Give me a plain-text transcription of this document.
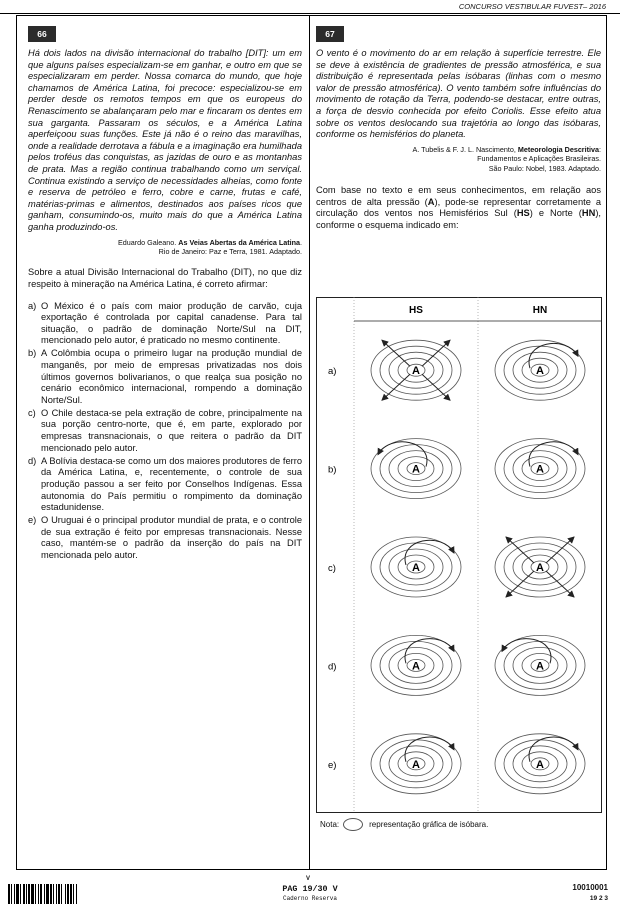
CONCURSO VESTIBULAR FUVEST– 2016
66	67

Há dois lados na divisão internacional do trabalho [DIT]: um em que alguns países especializam-se em ganhar, e outro em que se especializaram em perder. Nossa comarca do mundo, que hoje chamamos de América Latina, foi precoce: especializou-se em perder desde os remotos tempos em que os europeus do Renascimento se abalançaram pelo mar e fincaram os dentes em sua garganta. Passaram os séculos, e a América Latina aperfeiçoou suas funções. Este já não é o reino das maravilhas, onde a realidade derrotava a fábula e a imaginação era humilhada pelos troféus das conquistas, as jazidas de ouro e as montanhas de prata. Mas a região continua trabalhando como um serviçal. Continua existindo a serviço de necessidades alheias, como fonte e reserva de petróleo e ferro, cobre e carne, frutas e café, matérias-primas e alimentos, destinados aos países ricos que ganham, consumindo-os, muito mais do que a América Latina ganha produzindo-os.

Eduardo Galeano. As Veias Abertas da América Latina.
Rio de Janeiro: Paz e Terra, 1981. Adaptado.

Sobre a atual Divisão Internacional do Trabalho (DIT), no que diz respeito à mineração na América Latina, é correto afirmar:

a) O México é o país com maior produção de carvão, cuja exportação é controlada por capital canadense. Para tal situação, o padrão de dominação Norte/Sul na DIT, mencionado pelo autor, é praticado no mesmo continente.
b) A Colômbia ocupa o primeiro lugar na produção mundial de manganês, por meio de empresas privatizadas nos dois últimos governos bolivarianos, o que realça sua posição no cenário econômico internacional, rompendo a dominação Norte/Sul.
c) O Chile destaca-se pela extração de cobre, principalmente na sua porção centro-norte, que é, em parte, explorado por empresas transnacionais, o que reitera o padrão da DIT mencionado pelo autor.
d) A Bolívia destaca-se como um dos maiores produtores de ferro da América Latina, e, recentemente, o controle de sua produção passou a ser feito por Conselhos Indígenas. Essa autonomia do País permitiu o rompimento da dominação estadunidense.
e) O Uruguai é o principal produtor mundial de prata, e o controle de sua extração é feito por empresas transnacionais. Nesse caso, mantém-se o padrão da inserção do país na DIT mencionada pelo autor.

O vento é o movimento do ar em relação à superfície terrestre. Ele se deve à existência de gradientes de pressão atmosférica, e sua distribuição é representada pelas isóbaras (linhas com o mesmo valor de pressão atmosférica). O vento também sofre influências do movimento de rotação da Terra, podendo-se destacar, entre outras, a força de desvio conhecida por efeito Coriolis. Esse efeito atua sobre os ventos deslocando sua trajetória ao longo das isóbaras, conforme os hemisférios do planeta.

A. Tubelis & F. J. L. Nascimento, Meteorologia Descritiva:
Fundamentos e Aplicações Brasileiras.
São Paulo: Nobel, 1983. Adaptado.

Com base no texto e em seus conhecimentos, em relação aos centros de alta pressão (A), pode-se representar corretamente a circulação dos ventos nos Hemisférios Sul (HS) e Norte (HN), conforme o esquema indicado em:

HS	HN
a)	A	A
b)	A	A
c)	A	A
d)	A	A
e)	A	A
Nota:	representação gráfica de isóbara.
V
PAG 19/30 V
Caderno Reserva
10010001
19 2 3
